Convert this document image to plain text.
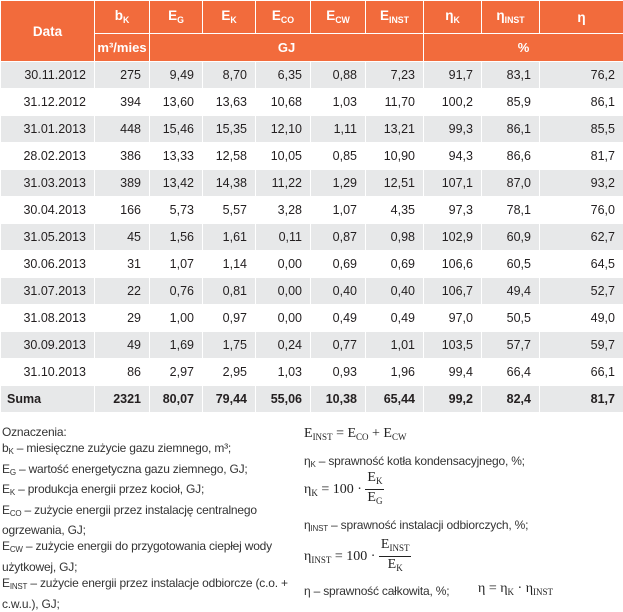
Data	$b_K$	$E_G$	$E_K$	$E_{CO}$	$E_{CW}$	$E_{INST}$	$\eta_K$	$\eta_{INST}$	η
	m³/mies	GJ					%		
30.11.2012	275	9,49	8,70	6,35	0,88	7,23	91,7	83,1	76,2
31.12.2012	394	13,60	13,63	10,68	1,03	11,70	100,2	85,9	86,1
31.01.2013	448	15,46	15,35	12,10	1,11	13,21	99,3	86,1	85,5
28.02.2013	386	13,33	12,58	10,05	0,85	10,90	94,3	86,6	81,7
31.03.2013	389	13,42	14,38	11,22	1,29	12,51	107,1	87,0	93,2
30.04.2013	166	5,73	5,57	3,28	1,07	4,35	97,3	78,1	76,0
31.05.2013	45	1,56	1,61	0,11	0,87	0,98	102,9	60,9	62,7
30.06.2013	31	1,07	1,14	0,00	0,69	0,69	106,6	60,5	64,5
31.07.2013	22	0,76	0,81	0,00	0,40	0,40	106,7	49,4	52,7
31.08.2013	29	1,00	0,97	0,00	0,49	0,49	97,0	50,5	49,0
30.09.2013	49	1,69	1,75	0,24	0,77	1,01	103,5	57,7	59,7
31.10.2013	86	2,97	2,95	1,03	0,93	1,96	99,4	66,4	66,1
Suma	2321	80,07	79,44	55,06	10,38	65,44	99,2	82,4	81,7
Oznaczenia:
$b_K$ – miesięczne zużycie gazu ziemnego, m³;
$E_G$ – wartość energetyczna gazu ziemnego, GJ;
$E_K$ – produkcja energii przez kocioł, GJ;
$E_{CO}$ – zużycie energii przez instalację centralnego ogrzewania, GJ;
$E_{CW}$ – zużycie energii do przygotowania ciepłej wody użytkowej, GJ;
$E_{INST}$ – zużycie energii przez instalacje odbiorcze (c.o. + c.w.u.), GJ;
$E_{INST} = E_{CO} + E_{CW}$
$\eta_K$ – sprawność kotła kondensacyjnego, %;
$\eta_K = 100 \cdot \frac{E_K}{E_G}$
$\eta_{INST}$ – sprawność instalacji odbiorczych, %;
$\eta_{INST} = 100 \cdot \frac{E_{INST}}{E_K}$
η – sprawność całkowita, %; $\eta = \eta_K \cdot \eta_{INST}$
